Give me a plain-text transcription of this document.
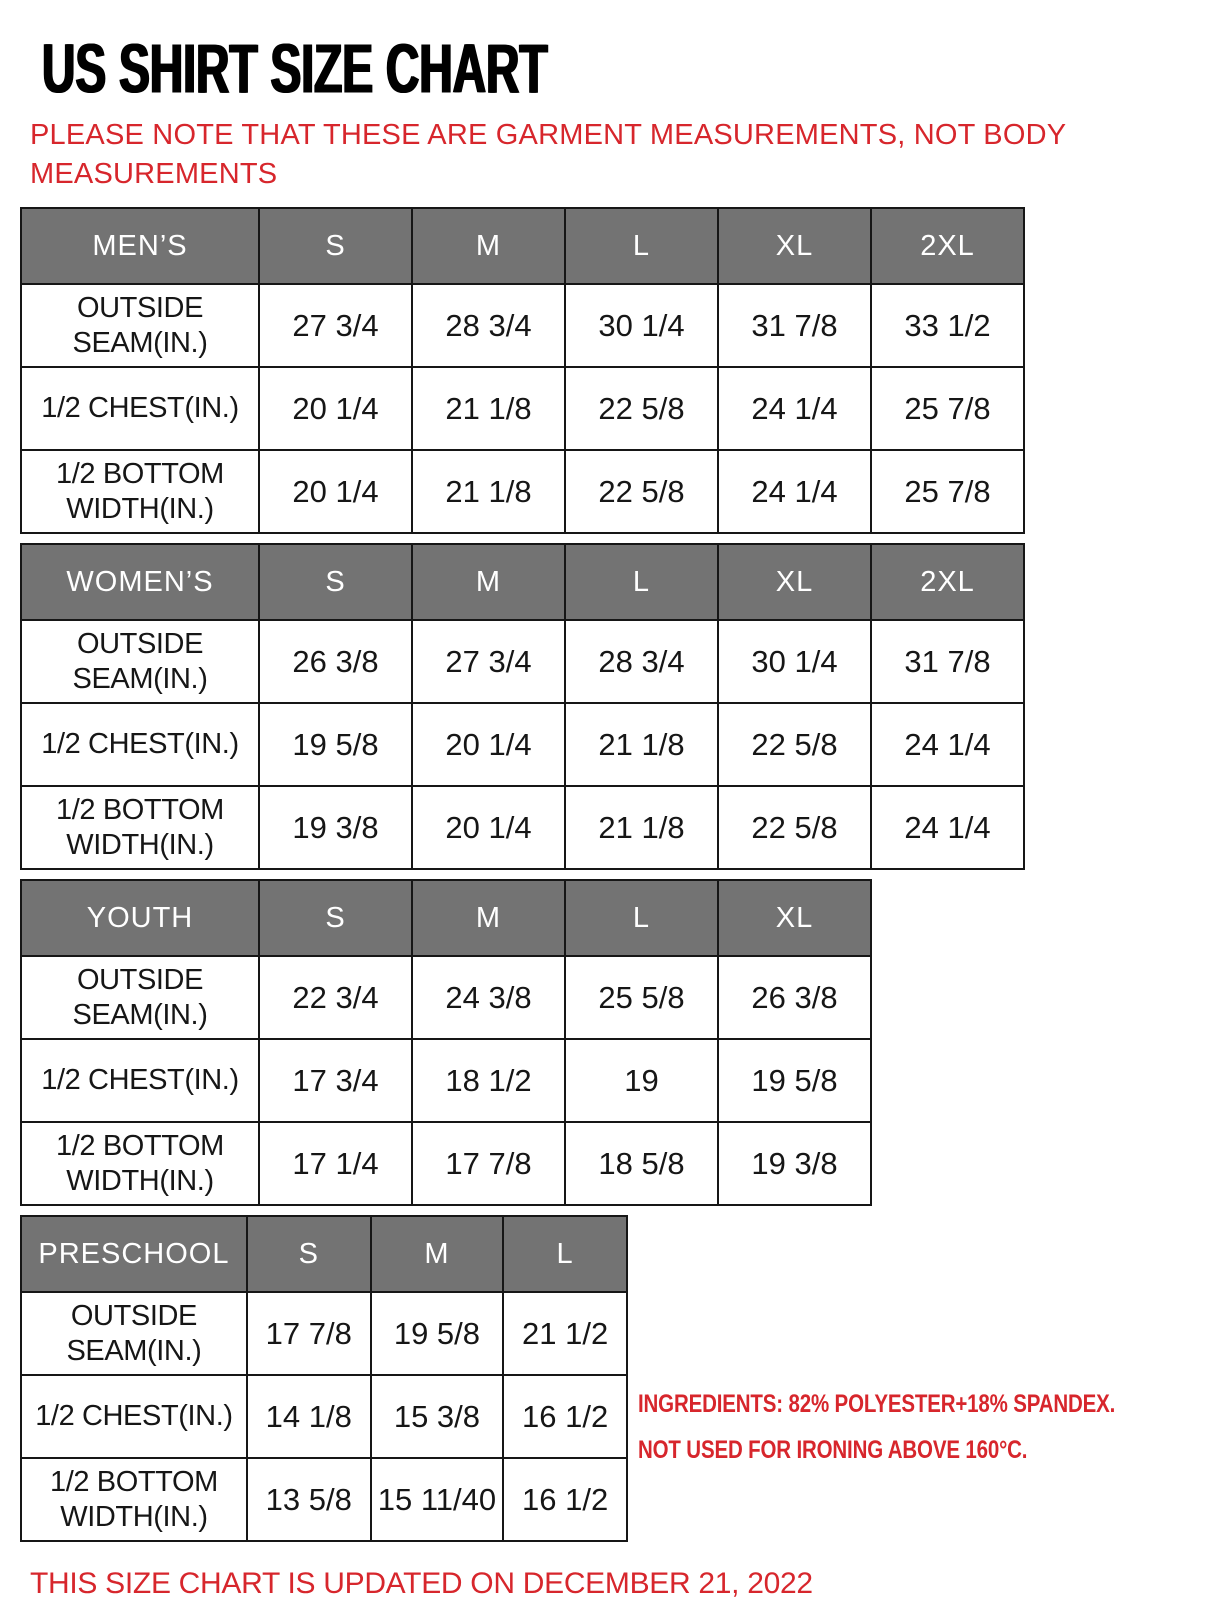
US SHIRT SIZE CHART
PLEASE NOTE THAT THESE ARE GARMENT MEASUREMENTS, NOT BODY
MEASUREMENTS
MEN’S	S	M	L	XL	2XL
OUTSIDE SEAM(IN.)	27 3/4	28 3/4	30 1/4	31 7/8	33 1/2
1/2 CHEST(IN.)	20 1/4	21 1/8	22 5/8	24 1/4	25 7/8
1/2 BOTTOM WIDTH(IN.)	20 1/4	21 1/8	22 5/8	24 1/4	25 7/8
WOMEN’S	S	M	L	XL	2XL
OUTSIDE SEAM(IN.)	26 3/8	27 3/4	28 3/4	30 1/4	31 7/8
1/2 CHEST(IN.)	19 5/8	20 1/4	21 1/8	22 5/8	24 1/4
1/2 BOTTOM WIDTH(IN.)	19 3/8	20 1/4	21 1/8	22 5/8	24 1/4
YOUTH	S	M	L	XL
OUTSIDE SEAM(IN.)	22 3/4	24 3/8	25 5/8	26 3/8
1/2 CHEST(IN.)	17 3/4	18 1/2	19	19 5/8
1/2 BOTTOM WIDTH(IN.)	17 1/4	17 7/8	18 5/8	19 3/8
PRESCHOOL	S	M	L
OUTSIDE SEAM(IN.)	17 7/8	19 5/8	21 1/2
1/2 CHEST(IN.)	14 1/8	15 3/8	16 1/2
1/2 BOTTOM WIDTH(IN.)	13 5/8	15 11/40	16 1/2
INGREDIENTS: 82% POLYESTER+18% SPANDEX.
NOT USED FOR IRONING ABOVE 160°C.
THIS SIZE CHART IS UPDATED ON DECEMBER 21, 2022
